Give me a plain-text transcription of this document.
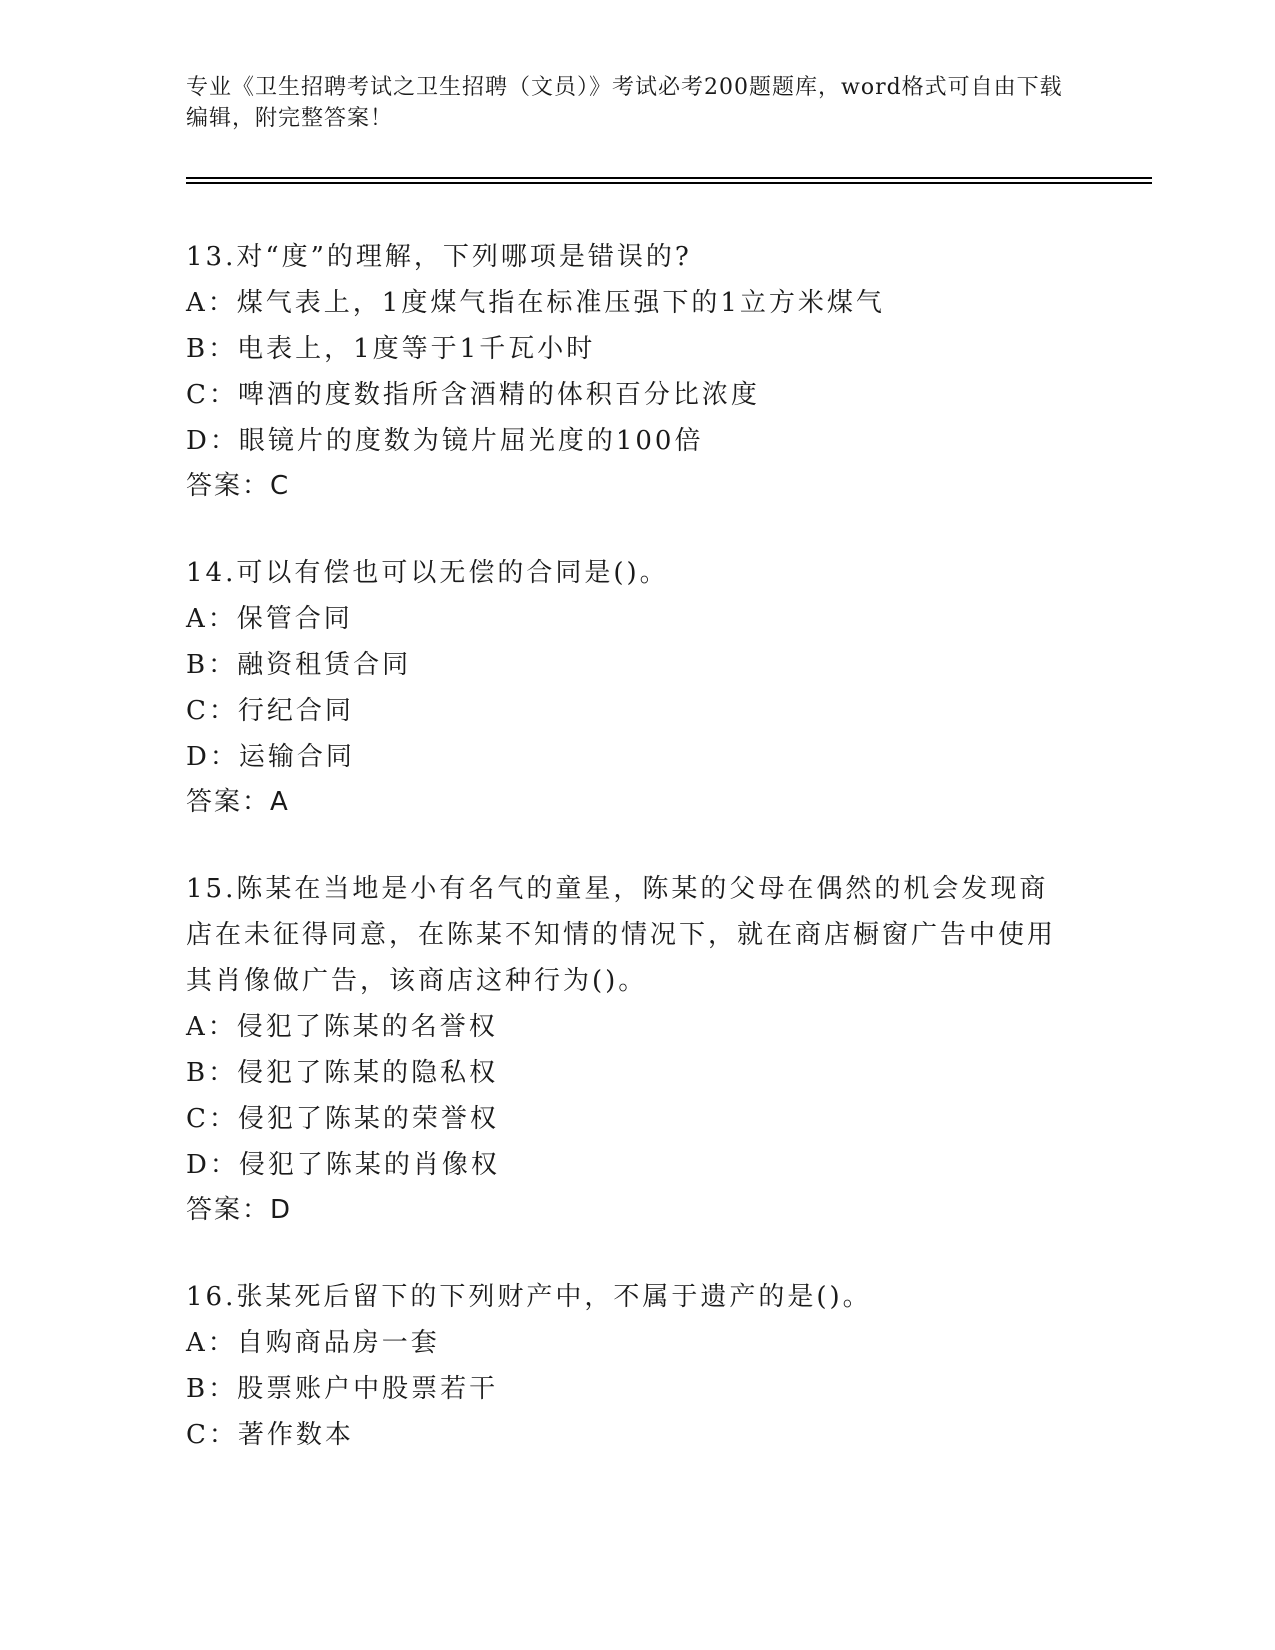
专业《卫生招聘考试之卫生招聘（文员）》考试必考200题题库，word格式可自由下载编辑，附完整答案！
13.对“度”的理解，下列哪项是错误的?
A：煤气表上，1度煤气指在标准压强下的1立方米煤气
B：电表上，1度等于1千瓦小时
C：啤酒的度数指所含酒精的体积百分比浓度
D：眼镜片的度数为镜片屈光度的100倍
答案：C
14.可以有偿也可以无偿的合同是()。
A：保管合同
B：融资租赁合同
C：行纪合同
D：运输合同
答案：A
15.陈某在当地是小有名气的童星，陈某的父母在偶然的机会发现商店在未征得同意，在陈某不知情的情况下，就在商店橱窗广告中使用其肖像做广告，该商店这种行为()。
A：侵犯了陈某的名誉权
B：侵犯了陈某的隐私权
C：侵犯了陈某的荣誉权
D：侵犯了陈某的肖像权
答案：D
16.张某死后留下的下列财产中，不属于遗产的是()。
A：自购商品房一套
B：股票账户中股票若干
C：著作数本
